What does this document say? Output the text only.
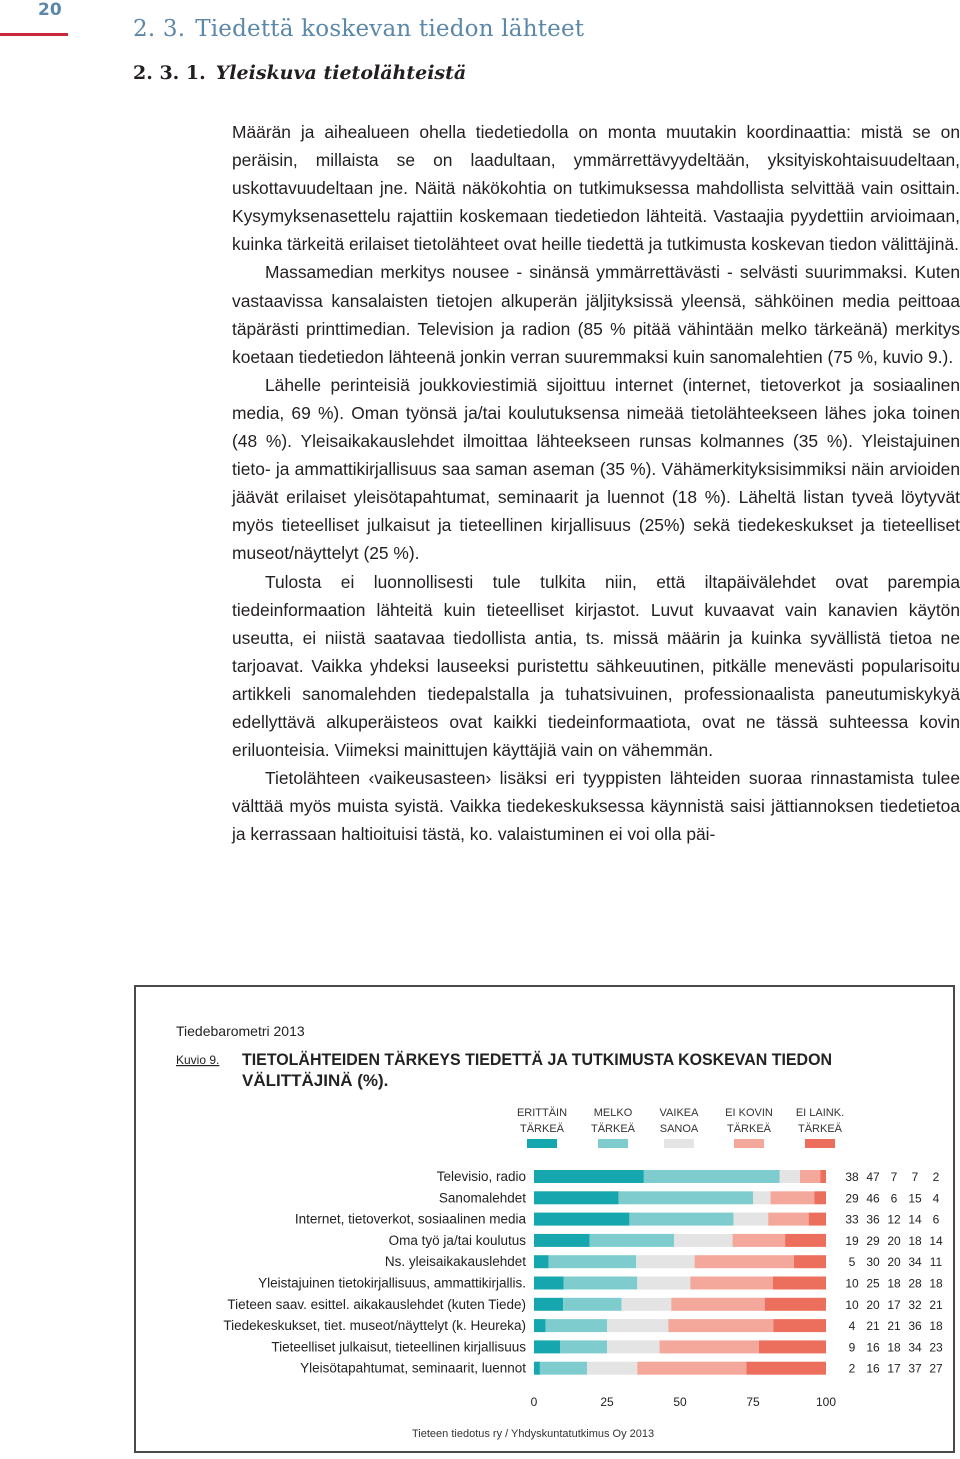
20
2. 3. Tiedettä koskevan tiedon lähteet
2. 3. 1. Yleiskuva tietolähteistä

Määrän ja aihealueen ohella tiedetiedolla on monta muutakin koordinaattia: mistä se on peräisin, millaista se on laadultaan, ymmärrettävyydeltään, yksityiskohtaisuudeltaan, uskottavuudeltaan jne. Näitä näkökohtia on tutkimuksessa mahdollista selvittää vain osittain. Kysymyksenasettelu rajattiin koskemaan tiedetiedon lähteitä. Vastaajia pyydettiin arvioimaan, kuinka tärkeitä erilaiset tietolähteet ovat heille tiedettä ja tutkimusta koskevan tiedon välittäjinä.

Massamedian merkitys nousee - sinänsä ymmärrettävästi - selvästi suurimmaksi. Kuten vastaavissa kansalaisten tietojen alkuperän jäljityksissä yleensä, sähköinen media peittoaa täpärästi printtimedian. Television ja radion (85 % pitää vähintään melko tärkeänä) merkitys koetaan tiedetiedon lähteenä jonkin verran suuremmaksi kuin sanomalehtien (75 %, kuvio 9.).

Lähelle perinteisiä joukkoviestimiä sijoittuu internet (internet, tietoverkot ja sosiaalinen media, 69 %). Oman työnsä ja/tai koulutuksensa nimeää tietolähteekseen lähes joka toinen (48 %). Yleisaikakauslehdet ilmoittaa lähteekseen runsas kolmannes (35 %). Yleistajuinen tieto- ja ammattikirjallisuus saa saman aseman (35 %). Vähämerkityksisimmiksi näin arvioiden jäävät erilaiset yleisötapahtumat, seminaarit ja luennot (18 %). Läheltä listan tyveä löytyvät myös tieteelliset julkaisut ja tieteellinen kirjallisuus (25%) sekä tiedekeskukset ja tieteelliset museot/näyttelyt (25 %).

Tulosta ei luonnollisesti tule tulkita niin, että iltapäivälehdet ovat parempia tiedeinformaation lähteitä kuin tieteelliset kirjastot. Luvut kuvaavat vain kanavien käytön useutta, ei niistä saatavaa tiedollista antia, ts. missä määrin ja kuinka syvällistä tietoa ne tarjoavat. Vaikka yhdeksi lauseeksi puristettu sähkeuutinen, pitkälle menevästi popularisoitu artikkeli sanomalehden tiedepalstalla ja tuhatsivuinen, professionaalista paneutumiskykyä edellyttävä alkuperäisteos ovat kaikki tiedeinformaatiota, ovat ne tässä suhteessa kovin eriluonteisia. Viimeksi mainittujen käyttäjiä vain on vähemmän.

Tietolähteen ‹vaikeusasteen› lisäksi eri tyyppisten lähteiden suoraa rinnastamista tulee välttää myös muista syistä. Vaikka tiedekeskuksessa käynnistä saisi jättiannoksen tiedetietoa ja kerrassaan haltioituisi tästä, ko. valaistuminen ei voi olla päi-

Tiedebarometri 2013
Kuvio 9. TIETOLÄHTEIDEN TÄRKEYS TIEDETTÄ JA TUTKIMUSTA KOSKEVAN TIEDON
VÄLITTÄJINÄ (%).
ERITTÄIN
TÄRKEÄ
MELKO
TÄRKEÄ
VAIKEA
SANOA
EI KOVIN
TÄRKEÄ
EI LAINK.
TÄRKEÄ
Televisio, radio	38 47 7 7 2
Sanomalehdet	29 46 6 15 4
Internet, tietoverkot, sosiaalinen media	33 36 12 14 6
Oma työ ja/tai koulutus	19 29 20 18 14
Ns. yleisaikakauslehdet	5 30 20 34 11
Yleistajuinen tietokirjallisuus, ammattikirjallis.	10 25 18 28 18
Tieteen saav. esittel. aikakauslehdet (kuten Tiede)	10 20 17 32 21
Tiedekeskukset, tiet. museot/näyttelyt (k. Heureka)	4 21 21 36 18
Tieteelliset julkaisut, tieteellinen kirjallisuus	9 16 18 34 23
Yleisötapahtumat, seminaarit, luennot	2 16 17 37 27
0	25	50	75	100
Tieteen tiedotus ry / Yhdyskuntatutkimus Oy 2013
